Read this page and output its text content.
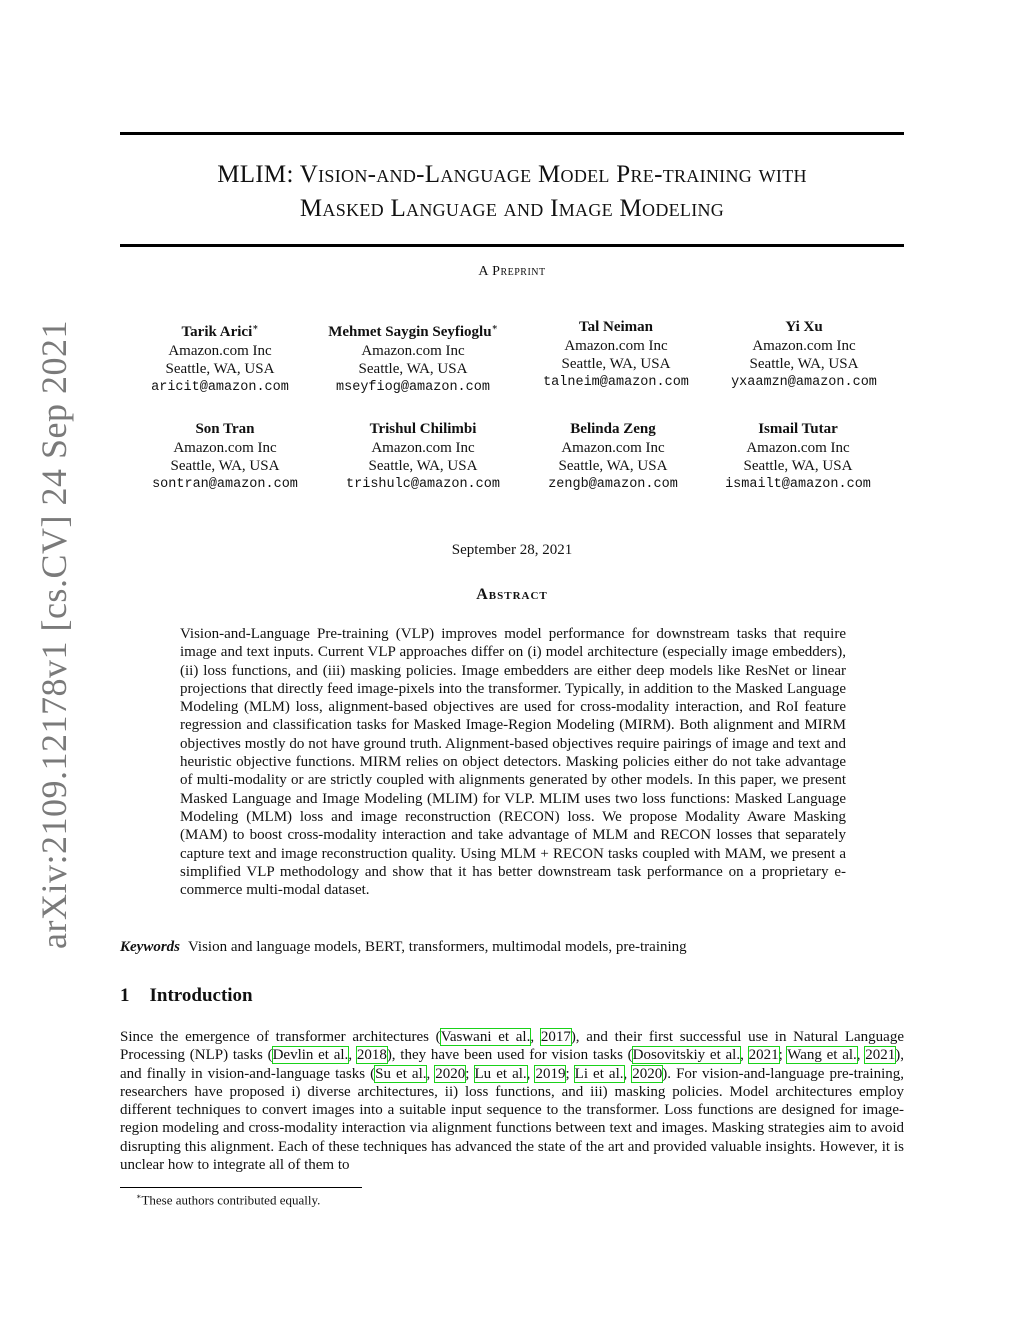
arXiv:2109.12178v1 [cs.CV] 24 Sep 2021
MLIM: Vision-and-Language Model Pre-training with
Masked Language and Image Modeling
A Preprint
Tarik Arici∗
Amazon.com Inc
Seattle, WA, USA
aricit@amazon.com
Mehmet Saygin Seyfioglu∗
Amazon.com Inc
Seattle, WA, USA
mseyfiog@amazon.com
Tal Neiman
Amazon.com Inc
Seattle, WA, USA
talneim@amazon.com
Yi Xu
Amazon.com Inc
Seattle, WA, USA
yxaamzn@amazon.com
Son Tran
Amazon.com Inc
Seattle, WA, USA
sontran@amazon.com
Trishul Chilimbi
Amazon.com Inc
Seattle, WA, USA
trishulc@amazon.com
Belinda Zeng
Amazon.com Inc
Seattle, WA, USA
zengb@amazon.com
Ismail Tutar
Amazon.com Inc
Seattle, WA, USA
ismailt@amazon.com
September 28, 2021
Abstract
Vision-and-Language Pre-training (VLP) improves model performance for downstream tasks that require image and text inputs. Current VLP approaches differ on (i) model architecture (especially image embedders), (ii) loss functions, and (iii) masking policies. Image embedders are either deep models like ResNet or linear projections that directly feed image-pixels into the transformer. Typically, in addition to the Masked Language Modeling (MLM) loss, alignment-based objectives are used for cross-modality interaction, and RoI feature regression and classification tasks for Masked Image-Region Modeling (MIRM). Both alignment and MIRM objectives mostly do not have ground truth. Alignment-based objectives require pairings of image and text and heuristic objective functions. MIRM relies on object detectors. Masking policies either do not take advantage of multi-modality or are strictly coupled with alignments generated by other models. In this paper, we present Masked Language and Image Modeling (MLIM) for VLP. MLIM uses two loss functions: Masked Language Modeling (MLM) loss and image reconstruction (RECON) loss. We propose Modality Aware Masking (MAM) to boost cross-modality interaction and take advantage of MLM and RECON losses that separately capture text and image reconstruction quality. Using MLM + RECON tasks coupled with MAM, we present a simplified VLP methodology and show that it has better downstream task performance on a proprietary e-commerce multi-modal dataset.
Keywords Vision and language models, BERT, transformers, multimodal models, pre-training
1 Introduction
Since the emergence of transformer architectures (Vaswani et al., 2017), and their first successful use in Natural Language Processing (NLP) tasks (Devlin et al., 2018), they have been used for vision tasks (Dosovitskiy et al., 2021; Wang et al., 2021), and finally in vision-and-language tasks (Su et al., 2020; Lu et al., 2019; Li et al., 2020). For vision-and-language pre-training, researchers have proposed i) diverse architectures, ii) loss functions, and iii) masking policies. Model architectures employ different techniques to convert images into a suitable input sequence to the transformer. Loss functions are designed for image-region modeling and cross-modality interaction via alignment functions between text and images. Masking strategies aim to avoid disrupting this alignment. Each of these techniques has advanced the state of the art and provided valuable insights. However, it is unclear how to integrate all of them to
∗These authors contributed equally.
